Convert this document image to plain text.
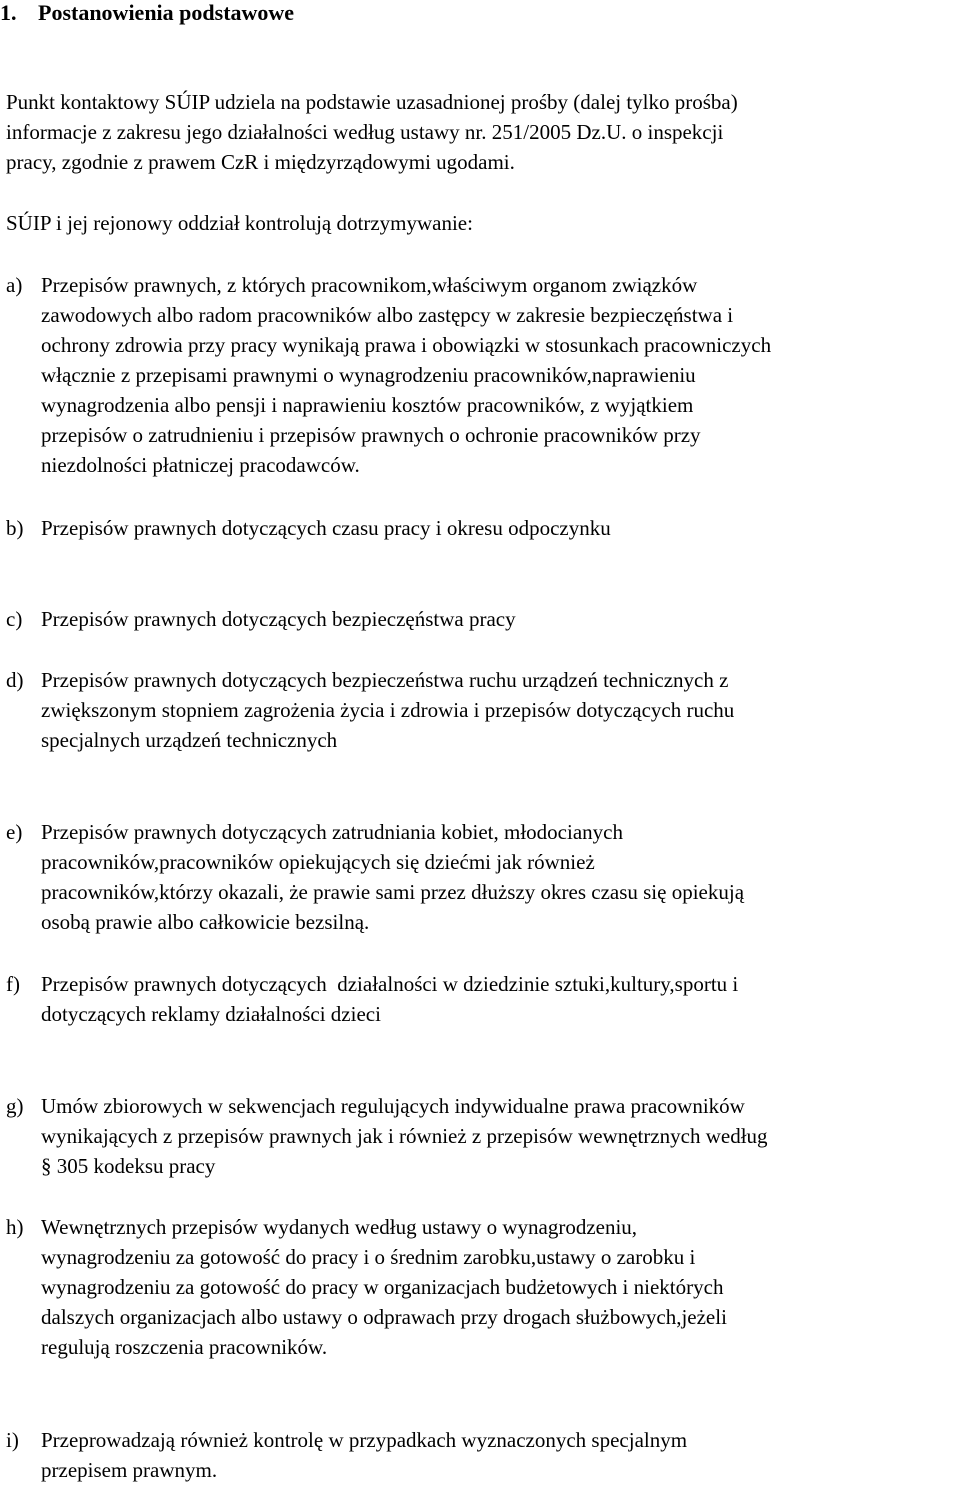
1. Postanowienia podstawowe

Punkt kontaktowy SÚIP udziela na podstawie uzasadnionej prośby (dalej tylko prośba)
informacje z zakresu jego działalności według ustawy nr. 251/2005 Dz.U. o inspekcji
pracy, zgodnie z prawem CzR i międzyrządowymi ugodami.

SÚIP i jej rejonowy oddział kontrolują dotrzymywanie:

a) Przepisów prawnych, z których pracownikom,właściwym organom związków
zawodowych albo radom pracowników albo zastępcy w zakresie bezpieczęństwa i
ochrony zdrowia przy pracy wynikają prawa i obowiązki w stosunkach pracowniczych
włącznie z przepisami prawnymi o wynagrodzeniu pracowników,naprawieniu
wynagrodzenia albo pensji i naprawieniu kosztów pracowników, z wyjątkiem
przepisów o zatrudnieniu i przepisów prawnych o ochronie pracowników przy
niezdolności płatniczej pracodawców.
b) Przepisów prawnych dotyczących czasu pracy i okresu odpoczynku
c) Przepisów prawnych dotyczących bezpieczęństwa pracy
d) Przepisów prawnych dotyczących bezpieczeństwa ruchu urządzeń technicznych z
zwiększonym stopniem zagrożenia życia i zdrowia i przepisów dotyczących ruchu
specjalnych urządzeń technicznych
e) Przepisów prawnych dotyczących zatrudniania kobiet, młodocianych
pracowników,pracowników opiekujących się dziećmi jak również
pracowników,którzy okazali, że prawie sami przez dłuższy okres czasu się opiekują
osobą prawie albo całkowicie bezsilną.
f)	Przepisów prawnych dotyczących  działalności w dziedzinie sztuki,kultury,sportu i
dotyczących reklamy działalności dzieci
g) Umów zbiorowych w sekwencjach regulujących indywidualne prawa pracowników
wynikających z przepisów prawnych jak i również z przepisów wewnętrznych według
§ 305 kodeksu pracy
h) Wewnętrznych przepisów wydanych według ustawy o wynagrodzeniu,
wynagrodzeniu za gotowość do pracy i o średnim zarobku,ustawy o zarobku i
wynagrodzeniu za gotowość do pracy w organizacjach budżetowych i niektórych
dalszych organizacjach albo ustawy o odprawach przy drogach służbowych,jeżeli
regulują roszczenia pracowników.
i)	Przeprowadzają również kontrolę w przypadkach wyznaczonych specjalnym
przepisem prawnym.
